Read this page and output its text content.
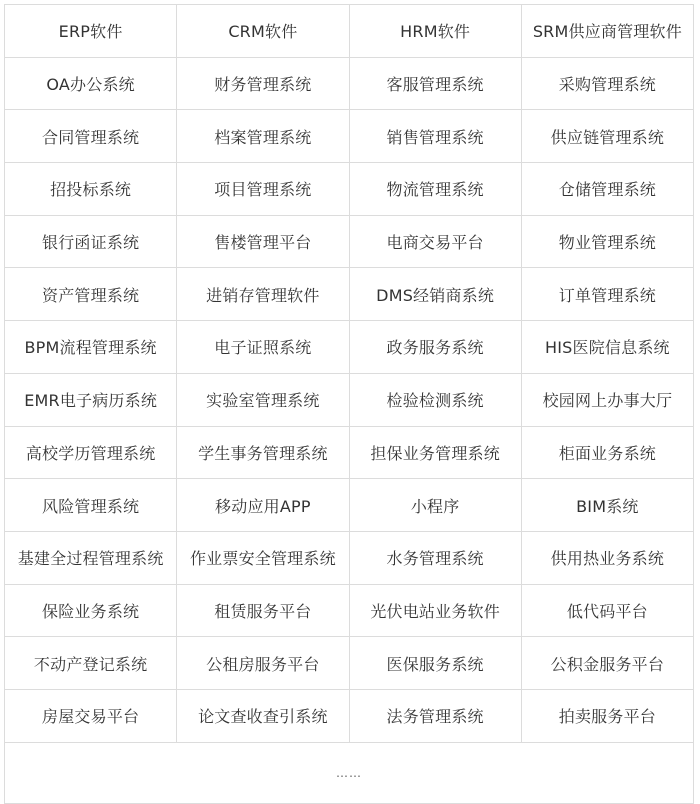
ERP软件	CRM软件	HRM软件	SRM供应商管理软件
OA办公系统	财务管理系统	客服管理系统	采购管理系统
合同管理系统	档案管理系统	销售管理系统	供应链管理系统
招投标系统	项目管理系统	物流管理系统	仓储管理系统
银行函证系统	售楼管理平台	电商交易平台	物业管理系统
资产管理系统	进销存管理软件	DMS经销商系统	订单管理系统
BPM流程管理系统	电子证照系统	政务服务系统	HIS医院信息系统
EMR电子病历系统	实验室管理系统	检验检测系统	校园网上办事大厅
高校学历管理系统	学生事务管理系统	担保业务管理系统	柜面业务系统
风险管理系统	移动应用APP	小程序	BIM系统
基建全过程管理系统	作业票安全管理系统	水务管理系统	供用热业务系统
保险业务系统	租赁服务平台	光伏电站业务软件	低代码平台
不动产登记系统	公租房服务平台	医保服务系统	公积金服务平台
房屋交易平台	论文查收查引系统	法务管理系统	拍卖服务平台
……			
